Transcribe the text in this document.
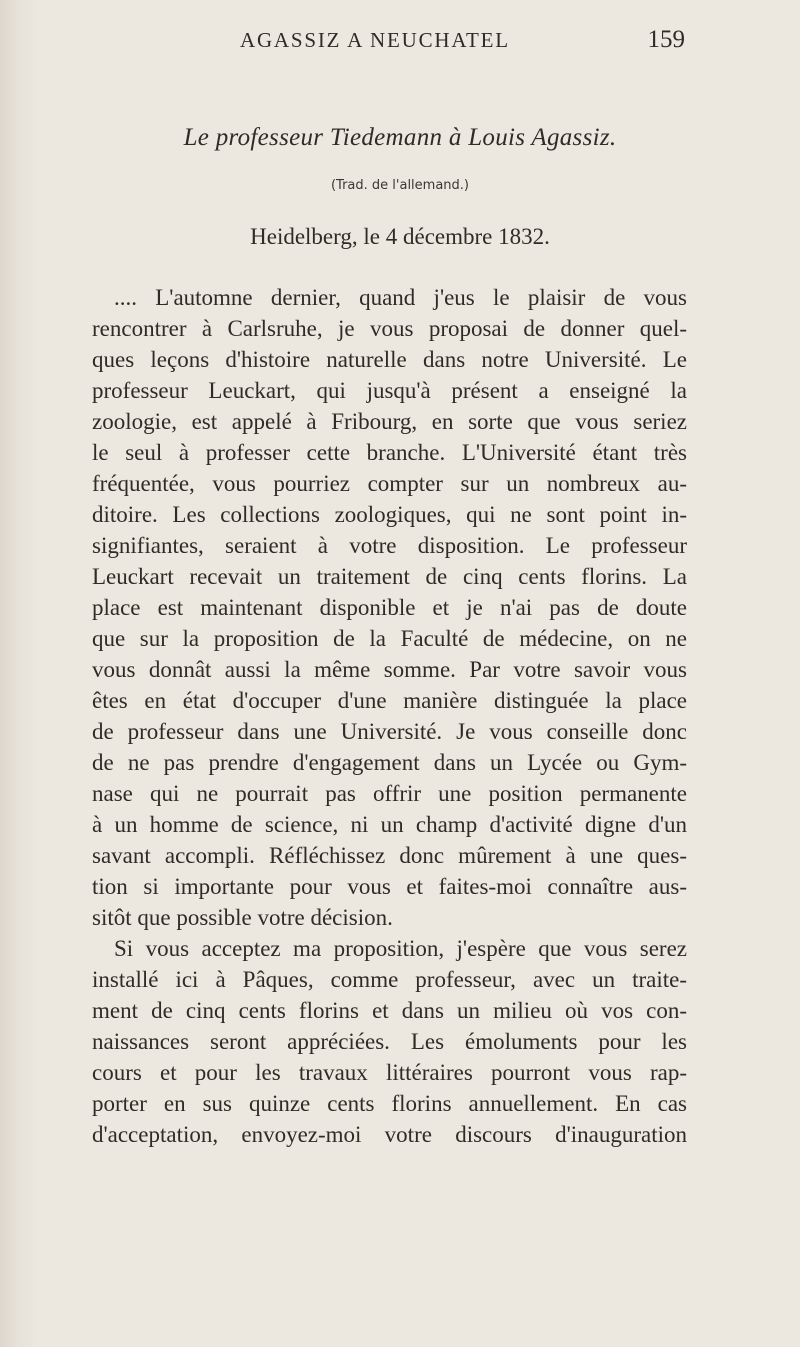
AGASSIZ A NEUCHATEL	159
Le professeur Tiedemann à Louis Agassiz.
(Trad. de l'allemand.)
Heidelberg, le 4 décembre 1832.
.... L'automne dernier, quand j'eus le plaisir de vous
rencontrer à Carlsruhe, je vous proposai de donner quel-
ques leçons d'histoire naturelle dans notre Université. Le
professeur Leuckart, qui jusqu'à présent a enseigné la
zoologie, est appelé à Fribourg, en sorte que vous seriez
le seul à professer cette branche. L'Université étant très
fréquentée, vous pourriez compter sur un nombreux au-
ditoire. Les collections zoologiques, qui ne sont point in-
signifiantes, seraient à votre disposition. Le professeur
Leuckart recevait un traitement de cinq cents florins. La
place est maintenant disponible et je n'ai pas de doute
que sur la proposition de la Faculté de médecine, on ne
vous donnât aussi la même somme. Par votre savoir vous
êtes en état d'occuper d'une manière distinguée la place
de professeur dans une Université. Je vous conseille donc
de ne pas prendre d'engagement dans un Lycée ou Gym-
nase qui ne pourrait pas offrir une position permanente
à un homme de science, ni un champ d'activité digne d'un
savant accompli. Réfléchissez donc mûrement à une ques-
tion si importante pour vous et faites-moi connaître aus-
sitôt que possible votre décision.
Si vous acceptez ma proposition, j'espère que vous serez
installé ici à Pâques, comme professeur, avec un traite-
ment de cinq cents florins et dans un milieu où vos con-
naissances seront appréciées. Les émoluments pour les
cours et pour les travaux littéraires pourront vous rap-
porter en sus quinze cents florins annuellement. En cas
d'acceptation, envoyez-moi votre discours d'inauguration
